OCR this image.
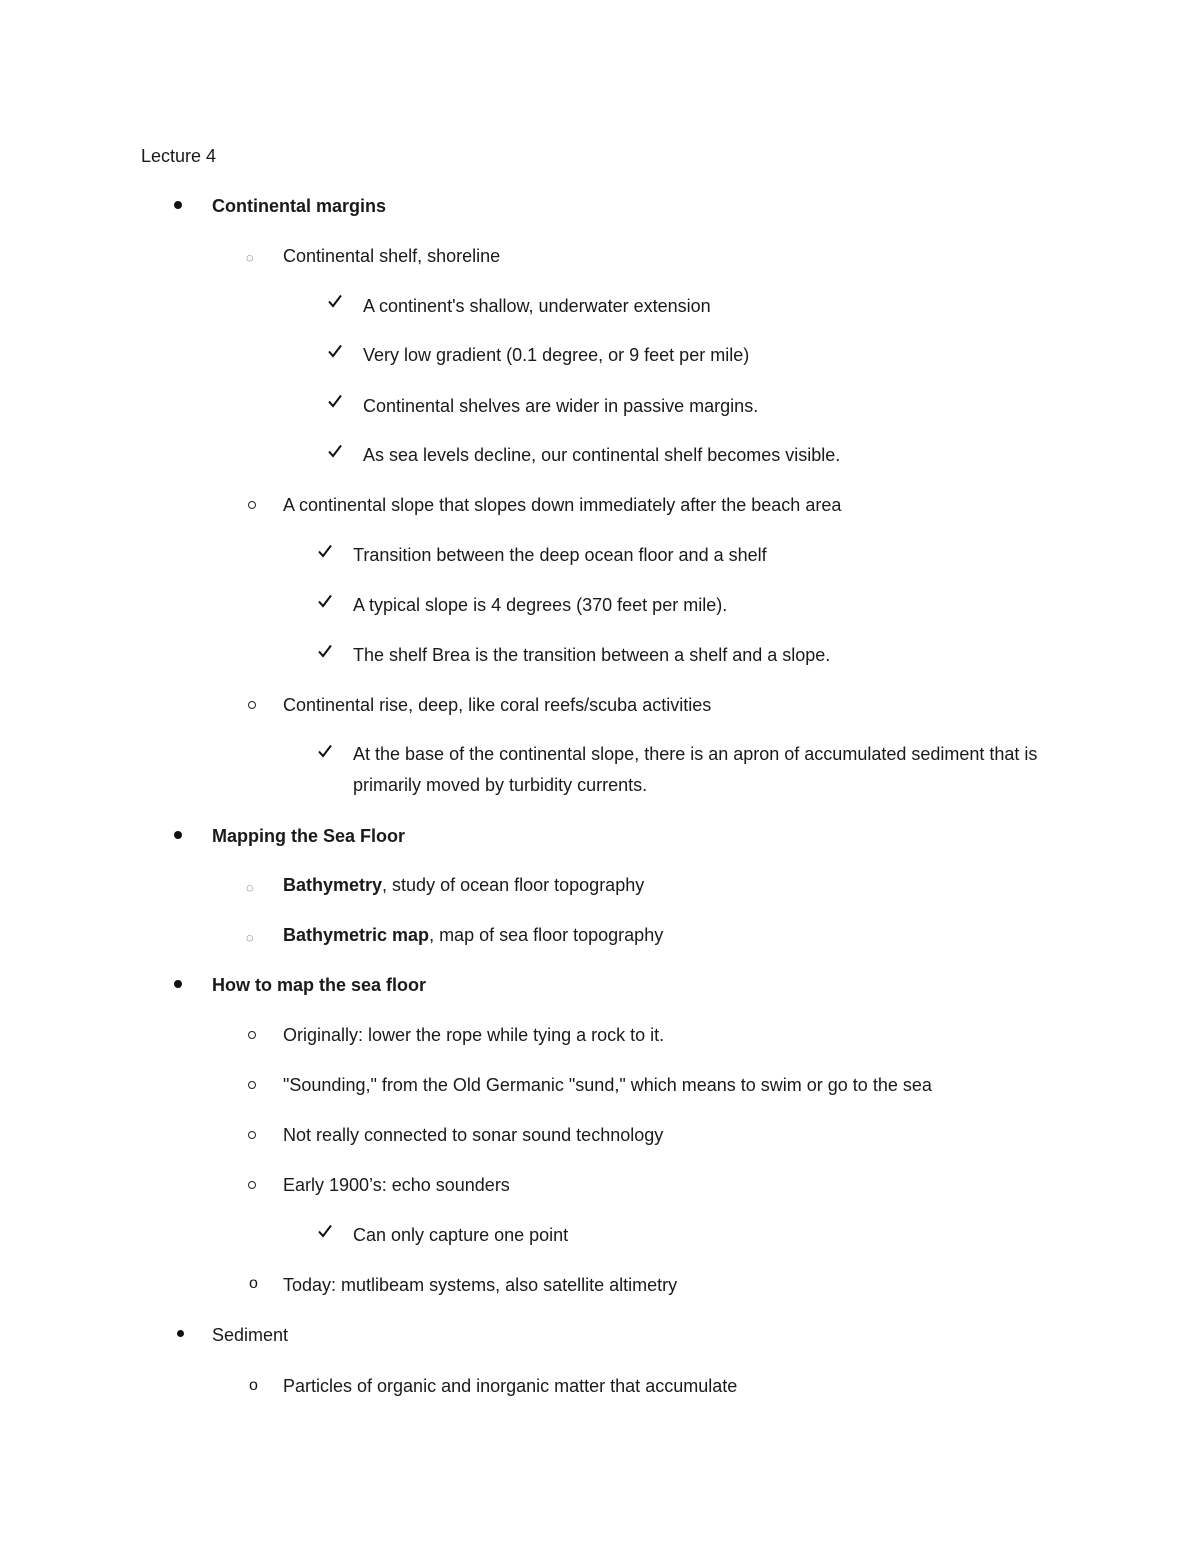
Lecture 4
Continental margins
◌ Continental shelf, shoreline
A continent's shallow, underwater extension
Very low gradient (0.1 degree, or 9 feet per mile)
Continental shelves are wider in passive margins.
As sea levels decline, our continental shelf becomes visible.
A continental slope that slopes down immediately after the beach area
Transition between the deep ocean floor and a shelf
A typical slope is 4 degrees (370 feet per mile).
The shelf Brea is the transition between a shelf and a slope.
Continental rise, deep, like coral reefs/scuba activities
At the base of the continental slope, there is an apron of accumulated sediment that is primarily moved by turbidity currents.
Mapping the Sea Floor
◌ Bathymetry, study of ocean floor topography
◌ Bathymetric map, map of sea floor topography
How to map the sea floor
Originally: lower the rope while tying a rock to it.
"Sounding," from the Old Germanic "sund," which means to swim or go to the sea
Not really connected to sonar sound technology
Early 1900’s: echo sounders
Can only capture one point
o Today: mutlibeam systems, also satellite altimetry
Sediment
o Particles of organic and inorganic matter that accumulate
